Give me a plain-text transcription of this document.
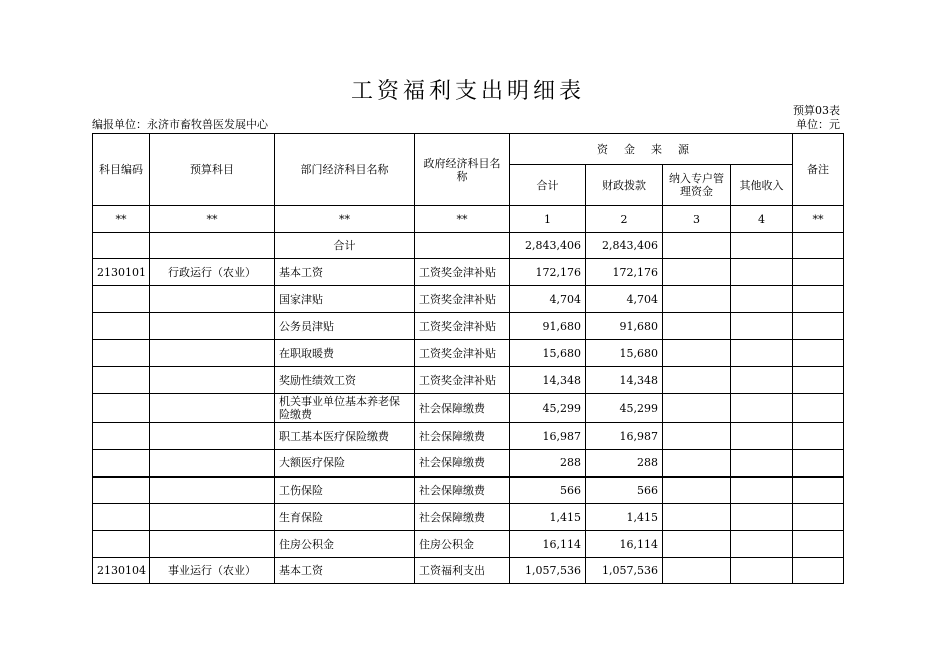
工资福利支出明细表
预算03表
编报单位：永济市畜牧兽医发展中心	单位：元
科目编码	预算科目	部门经济科目名称	政府经济科目名称	资金来源				备注
				合计	财政拨款	纳入专户管理资金	其他收入	
**	**	**	**	1	2	3	4	**
		合计		2,843,406	2,843,406			
2130101	行政运行（农业）	基本工资	工资奖金津补贴	172,176	172,176			
		国家津贴	工资奖金津补贴	4,704	4,704			
		公务员津贴	工资奖金津补贴	91,680	91,680			
		在职取暖费	工资奖金津补贴	15,680	15,680			
		奖励性绩效工资	工资奖金津补贴	14,348	14,348			
		机关事业单位基本养老保险缴费	社会保障缴费	45,299	45,299			
		职工基本医疗保险缴费	社会保障缴费	16,987	16,987			
		大额医疗保险	社会保障缴费	288	288			
		工伤保险	社会保障缴费	566	566			
		生育保险	社会保障缴费	1,415	1,415			
		住房公积金	住房公积金	16,114	16,114			
2130104	事业运行（农业）	基本工资	工资福利支出	1,057,536	1,057,536			
